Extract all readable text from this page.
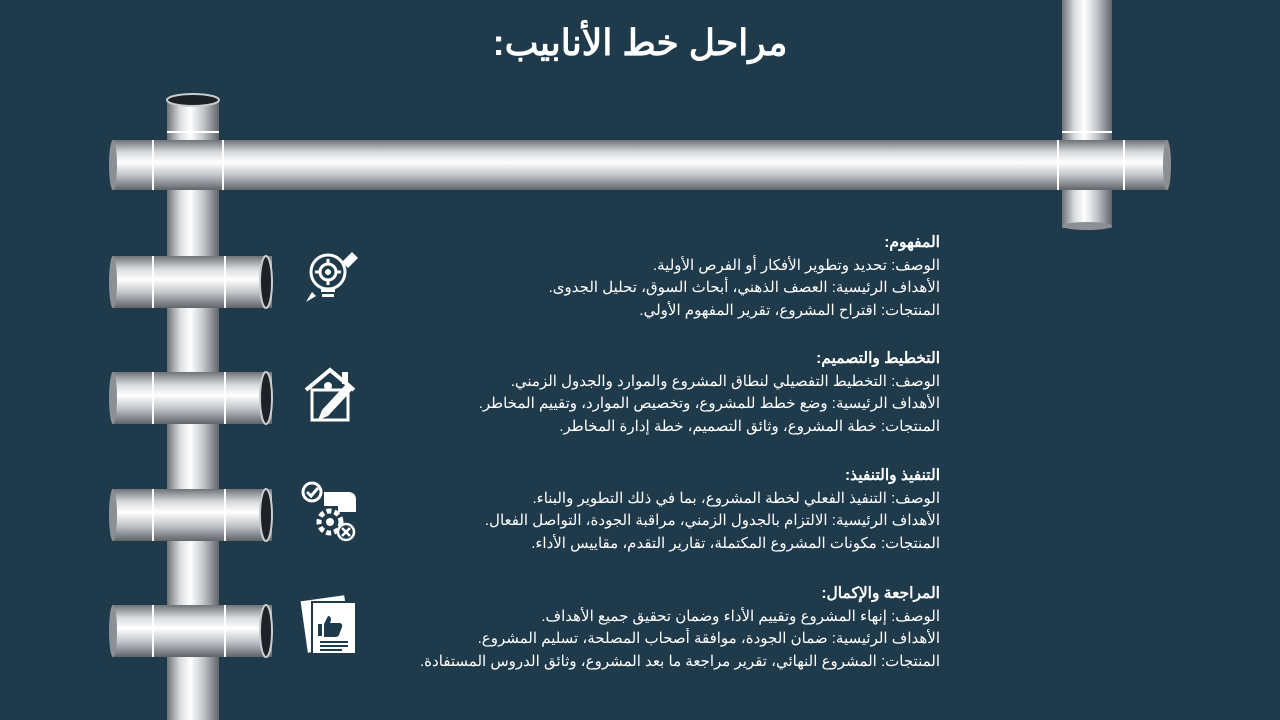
مراحل خط الأنابيب:

المفهوم:

الوصف: تحديد وتطوير الأفكار أو الفرص الأولية.

الأهداف الرئيسية: العصف الذهني، أبحاث السوق، تحليل الجدوى.

المنتجات: اقتراح المشروع، تقرير المفهوم الأولي.

التخطيط والتصميم:

الوصف: التخطيط التفصيلي لنطاق المشروع والموارد والجدول الزمني.

الأهداف الرئيسية: وضع خطط للمشروع، وتخصيص الموارد، وتقييم المخاطر.

المنتجات: خطة المشروع، وثائق التصميم، خطة إدارة المخاطر.

التنفيذ والتنفيذ:

الوصف: التنفيذ الفعلي لخطة المشروع، بما في ذلك التطوير والبناء.

الأهداف الرئيسية: الالتزام بالجدول الزمني، مراقبة الجودة، التواصل الفعال.

المنتجات: مكونات المشروع المكتملة، تقارير التقدم، مقاييس الأداء.

المراجعة والإكمال:

الوصف: إنهاء المشروع وتقييم الأداء وضمان تحقيق جميع الأهداف.

الأهداف الرئيسية: ضمان الجودة، موافقة أصحاب المصلحة، تسليم المشروع.

المنتجات: المشروع النهائي، تقرير مراجعة ما بعد المشروع، وثائق الدروس المستفادة.
